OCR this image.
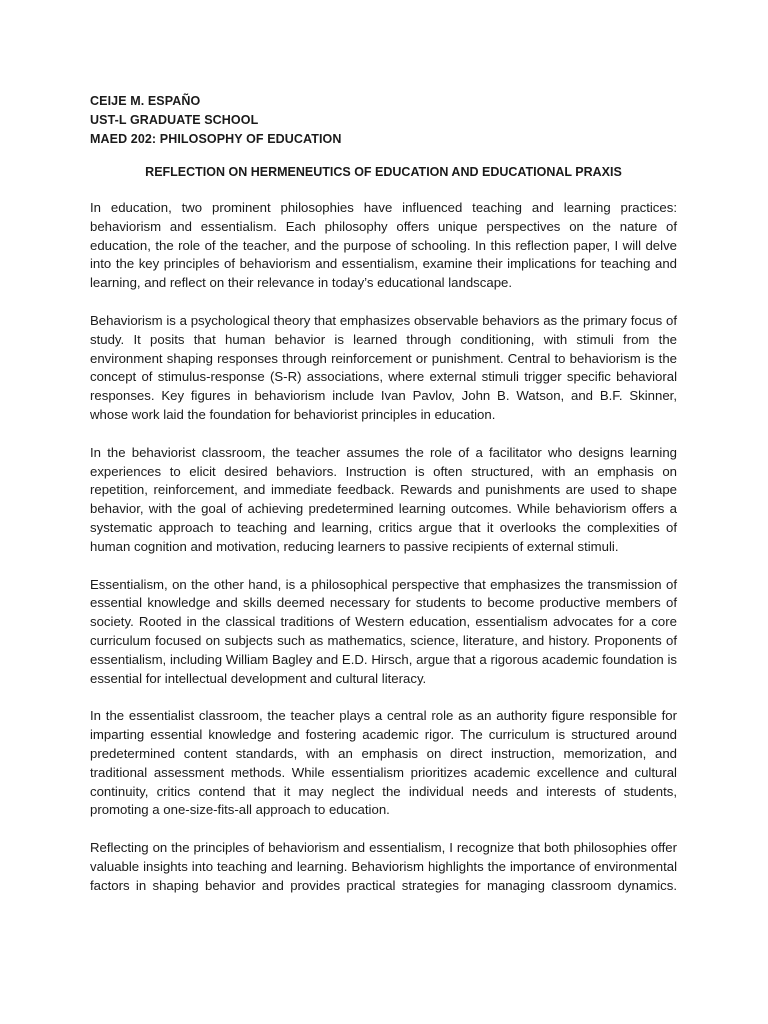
CEIJE M. ESPAÑO
UST-L GRADUATE SCHOOL
MAED 202: PHILOSOPHY OF EDUCATION
REFLECTION ON HERMENEUTICS OF EDUCATION AND EDUCATIONAL PRAXIS

In education, two prominent philosophies have influenced teaching and learning practices: behaviorism and essentialism. Each philosophy offers unique perspectives on the nature of education, the role of the teacher, and the purpose of schooling. In this reflection paper, I will delve into the key principles of behaviorism and essentialism, examine their implications for teaching and learning, and reflect on their relevance in today’s educational landscape.

Behaviorism is a psychological theory that emphasizes observable behaviors as the primary focus of study. It posits that human behavior is learned through conditioning, with stimuli from the environment shaping responses through reinforcement or punishment. Central to behaviorism is the concept of stimulus-response (S-R) associations, where external stimuli trigger specific behavioral responses. Key figures in behaviorism include Ivan Pavlov, John B. Watson, and B.F. Skinner, whose work laid the foundation for behaviorist principles in education.

In the behaviorist classroom, the teacher assumes the role of a facilitator who designs learning experiences to elicit desired behaviors. Instruction is often structured, with an emphasis on repetition, reinforcement, and immediate feedback. Rewards and punishments are used to shape behavior, with the goal of achieving predetermined learning outcomes. While behaviorism offers a systematic approach to teaching and learning, critics argue that it overlooks the complexities of human cognition and motivation, reducing learners to passive recipients of external stimuli.

Essentialism, on the other hand, is a philosophical perspective that emphasizes the transmission of essential knowledge and skills deemed necessary for students to become productive members of society. Rooted in the classical traditions of Western education, essentialism advocates for a core curriculum focused on subjects such as mathematics, science, literature, and history. Proponents of essentialism, including William Bagley and E.D. Hirsch, argue that a rigorous academic foundation is essential for intellectual development and cultural literacy.

In the essentialist classroom, the teacher plays a central role as an authority figure responsible for imparting essential knowledge and fostering academic rigor. The curriculum is structured around predetermined content standards, with an emphasis on direct instruction, memorization, and traditional assessment methods. While essentialism prioritizes academic excellence and cultural continuity, critics contend that it may neglect the individual needs and interests of students, promoting a one-size-fits-all approach to education.

Reflecting on the principles of behaviorism and essentialism, I recognize that both philosophies offer valuable insights into teaching and learning. Behaviorism highlights the importance of environmental factors in shaping behavior and provides practical strategies for managing classroom dynamics.
